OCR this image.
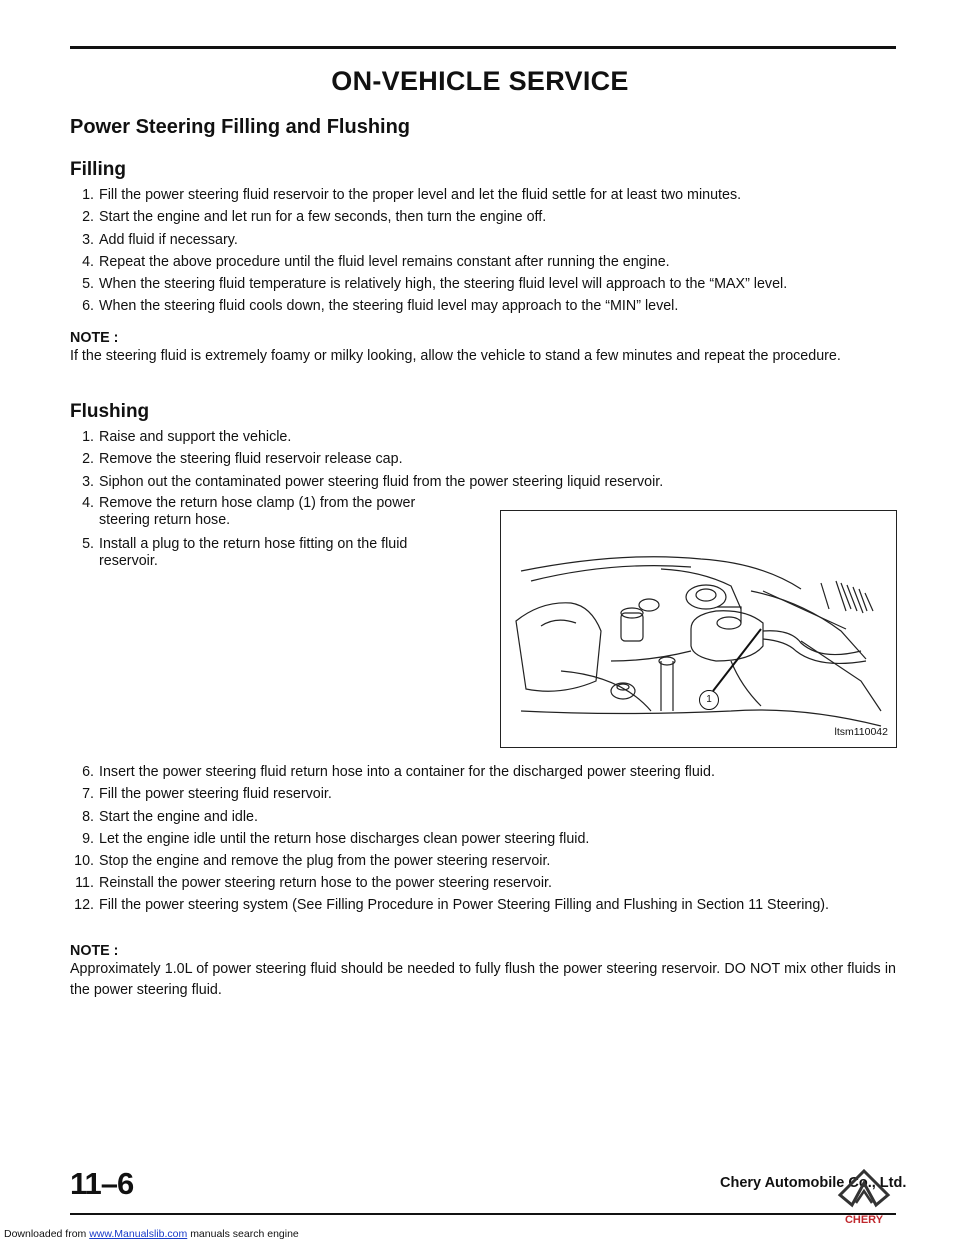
ON-VEHICLE SERVICE
Power Steering Filling and Flushing
Filling
1. Fill the power steering fluid reservoir to the proper level and let the fluid settle for at least two minutes.
2. Start the engine and let run for a few seconds, then turn the engine off.
3. Add fluid if necessary.
4. Repeat the above procedure until the fluid level remains constant after running the engine.
5. When the steering fluid temperature is relatively high, the steering fluid level will approach to the “MAX” level.
6. When the steering fluid cools down, the steering fluid level may approach to the “MIN” level.
NOTE :

If the steering fluid is extremely foamy or milky looking, allow the vehicle to stand a few minutes and repeat the procedure.

Flushing
1. Raise and support the vehicle.
2. Remove the steering fluid reservoir release cap.
3. Siphon out the contaminated power steering fluid from the power steering liquid reservoir.
4. Remove the return hose clamp (1) from the power steering return hose.
5. Install a plug to the return hose fitting on the fluid reservoir.
1
ltsm110042
6. Insert the power steering fluid return hose into a container for the discharged power steering fluid.
7. Fill the power steering fluid reservoir.
8. Start the engine and idle.
9. Let the engine idle until the return hose discharges clean power steering fluid.
10. Stop the engine and remove the plug from the power steering reservoir.
11. Reinstall the power steering return hose to the power steering reservoir.
12. Fill the power steering system (See Filling Procedure in Power Steering Filling and Flushing in Section 11 Steering).
NOTE :

Approximately 1.0L of power steering fluid should be needed to fully flush the power steering reservoir. DO NOT mix other fluids in the power steering fluid.

11–6	Chery Automobile Co., Ltd.
CHERY
Downloaded from www.Manualslib.com manuals search engine
